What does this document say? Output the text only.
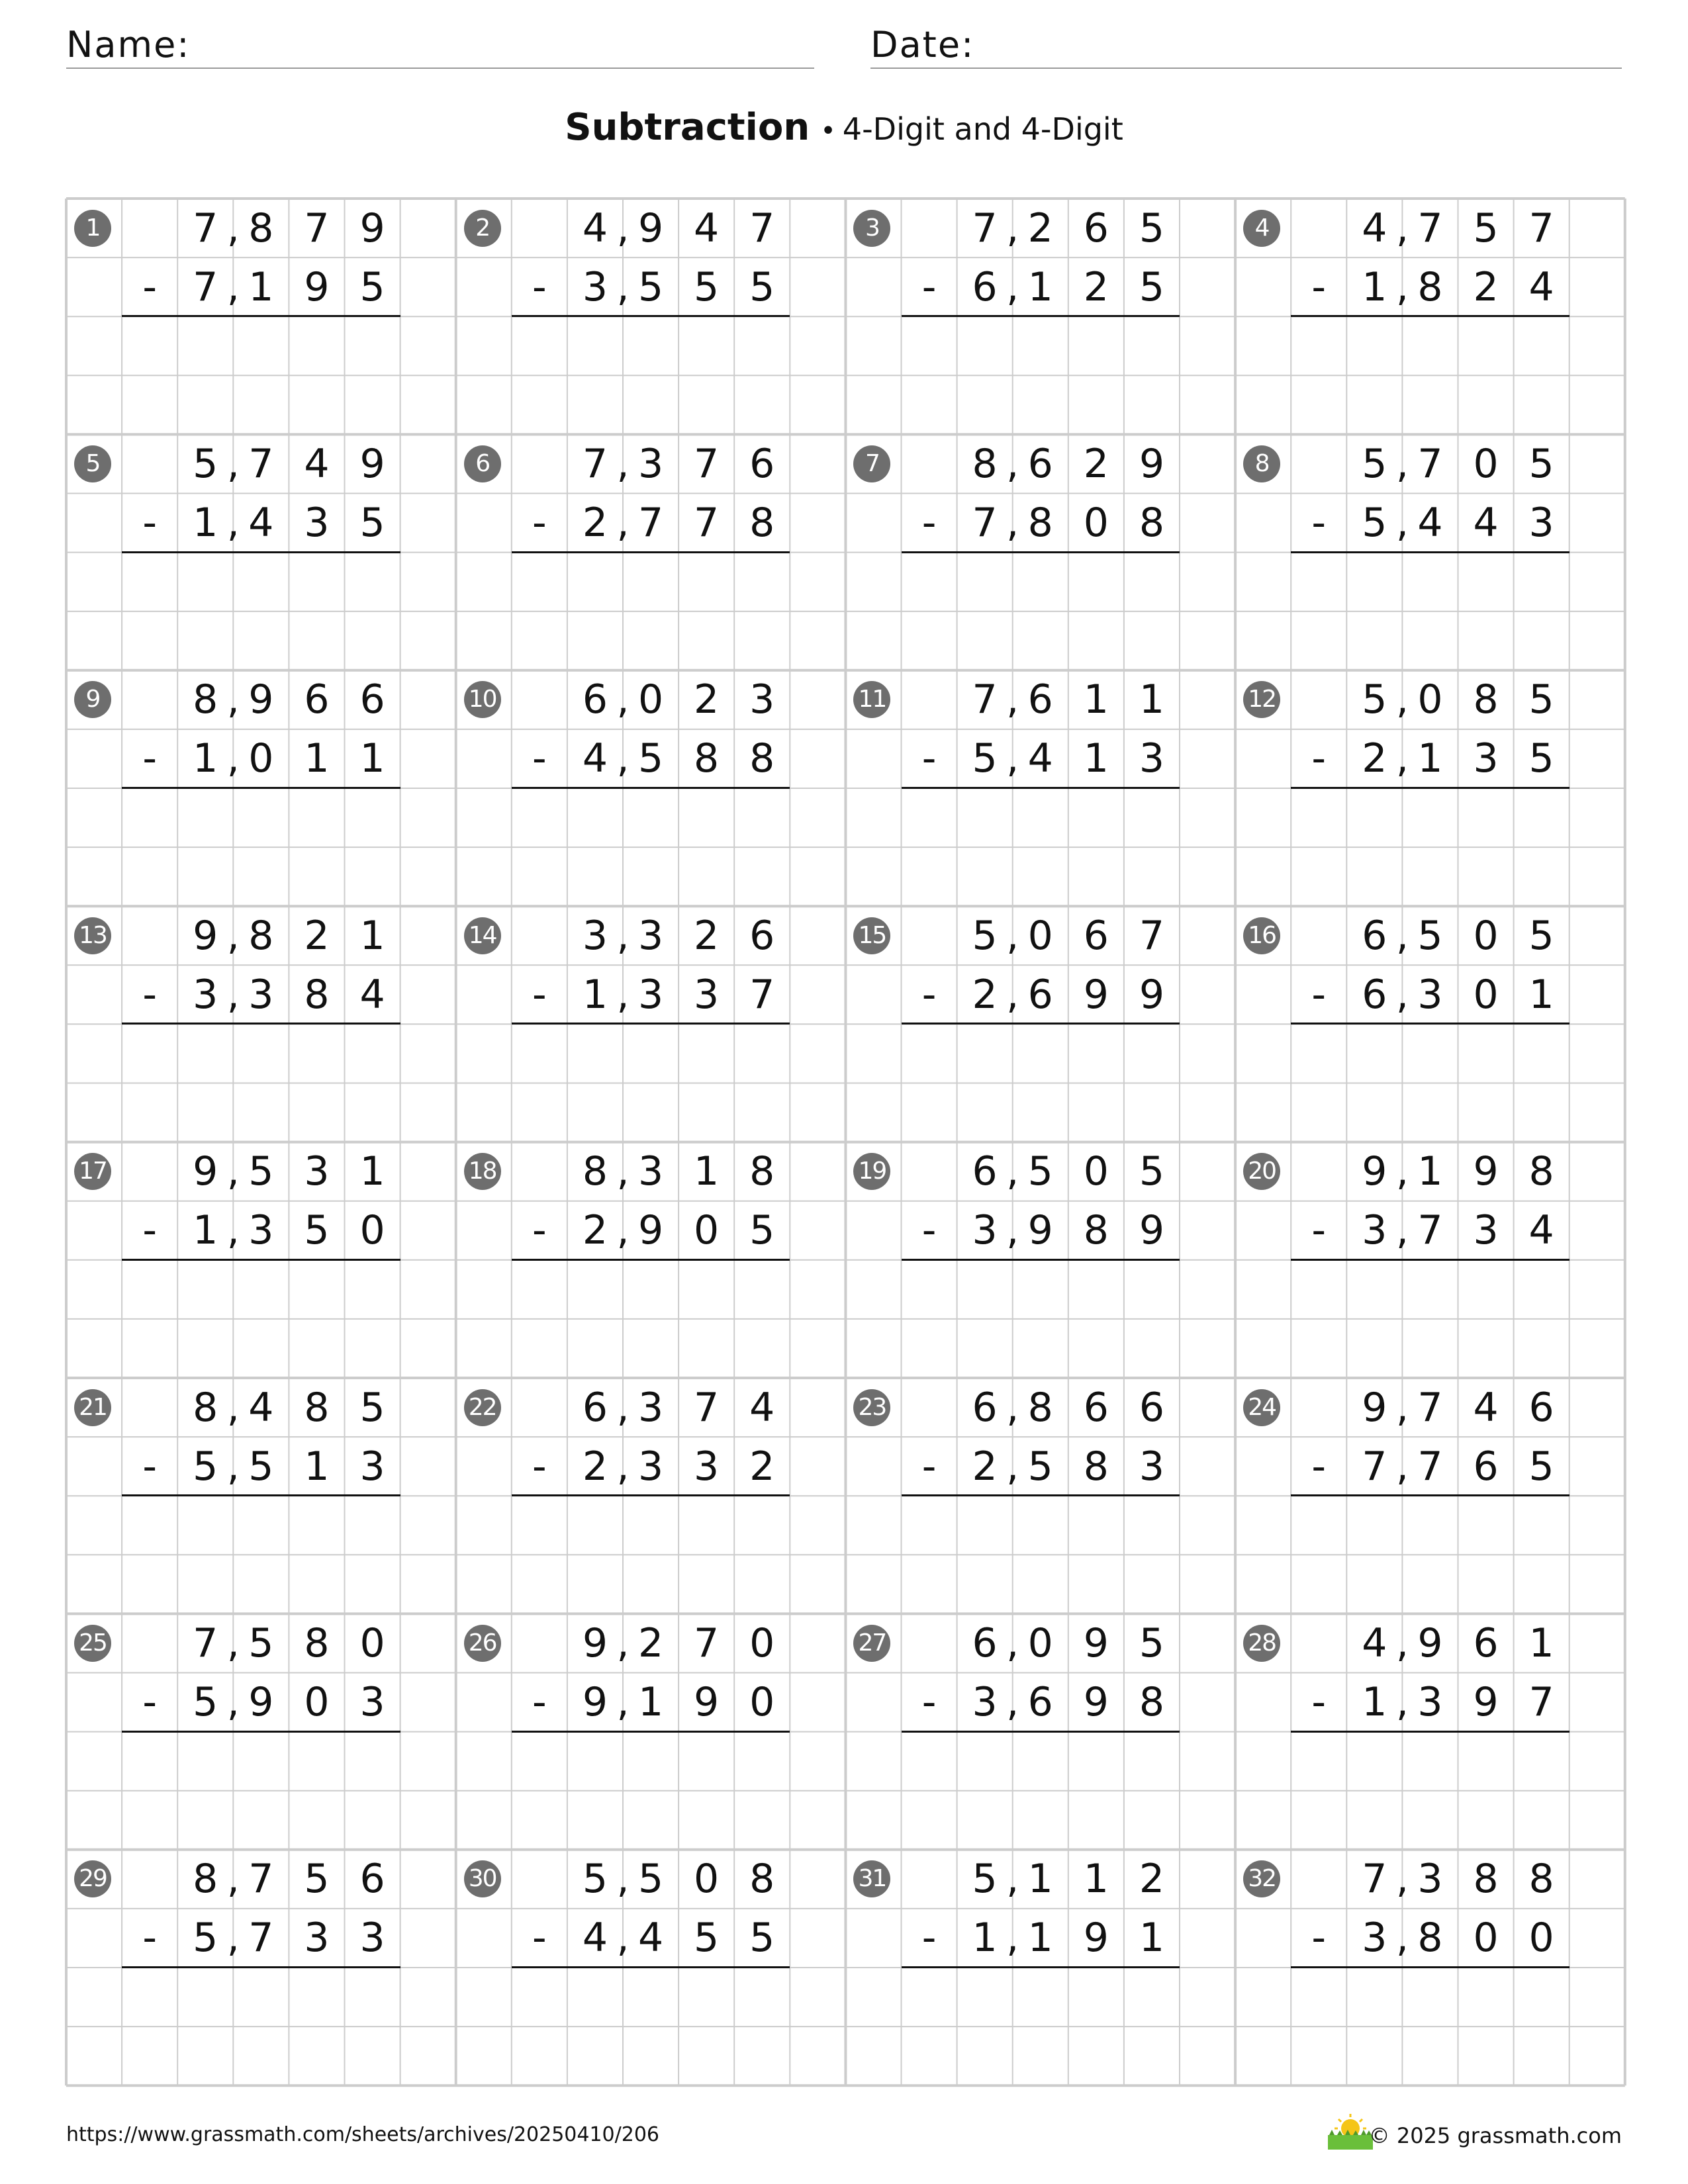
Name:	Date:
Subtraction • 4-Digit and 4-Digit
1	7 8 7 9
,
7 1 9 5
,
-
2	4 9 4 7
,
3 5 5 5
,
-
3	7 2 6 5
,
6 1 2 5
,
-
4	4 7 5 7
,
1 8 2 4
,
-
5	5 7 4 9
,
1 4 3 5
,
-
6	7 3 7 6
,
2 7 7 8
,
-
7	8 6 2 9
,
7 8 0 8
,
-
8	5 7 0 5
,
5 4 4 3
,
-
9	8 9 6 6
,
1 0 1 1
,
-
10	6 0 2 3
,
4 5 8 8
,
-
11	7 6 1 1
,
5 4 1 3
,
-
12	5 0 8 5
,
2 1 3 5
,
-
13	9 8 2 1
,
3 3 8 4
,
-
14	3 3 2 6
,
1 3 3 7
,
-
15	5 0 6 7
,
2 6 9 9
,
-
16	6 5 0 5
,
6 3 0 1
,
-
17	9 5 3 1
,
1 3 5 0
,
-
18	8 3 1 8
,
2 9 0 5
,
-
19	6 5 0 5
,
3 9 8 9
,
-
20	9 1 9 8
,
3 7 3 4
,
-
21	8 4 8 5
,
5 5 1 3
,
-
22	6 3 7 4
,
2 3 3 2
,
-
23	6 8 6 6
,
2 5 8 3
,
-
24	9 7 4 6
,
7 7 6 5
,
-
25	7 5 8 0
,
5 9 0 3
,
-
26	9 2 7 0
,
9 1 9 0
,
-
27	6 0 9 5
,
3 6 9 8
,
-
28	4 9 6 1
,
1 3 9 7
,
-
29	8 7 5 6
,
5 7 3 3
,
-
30	5 5 0 8
,
4 4 5 5
,
-
31	5 1 1 2
,
1 1 9 1
,
-
32	7 3 8 8
,
3 8 0 0
,
-
https://www.grassmath.com/sheets/archives/20250410/206	© 2025 grassmath.com
